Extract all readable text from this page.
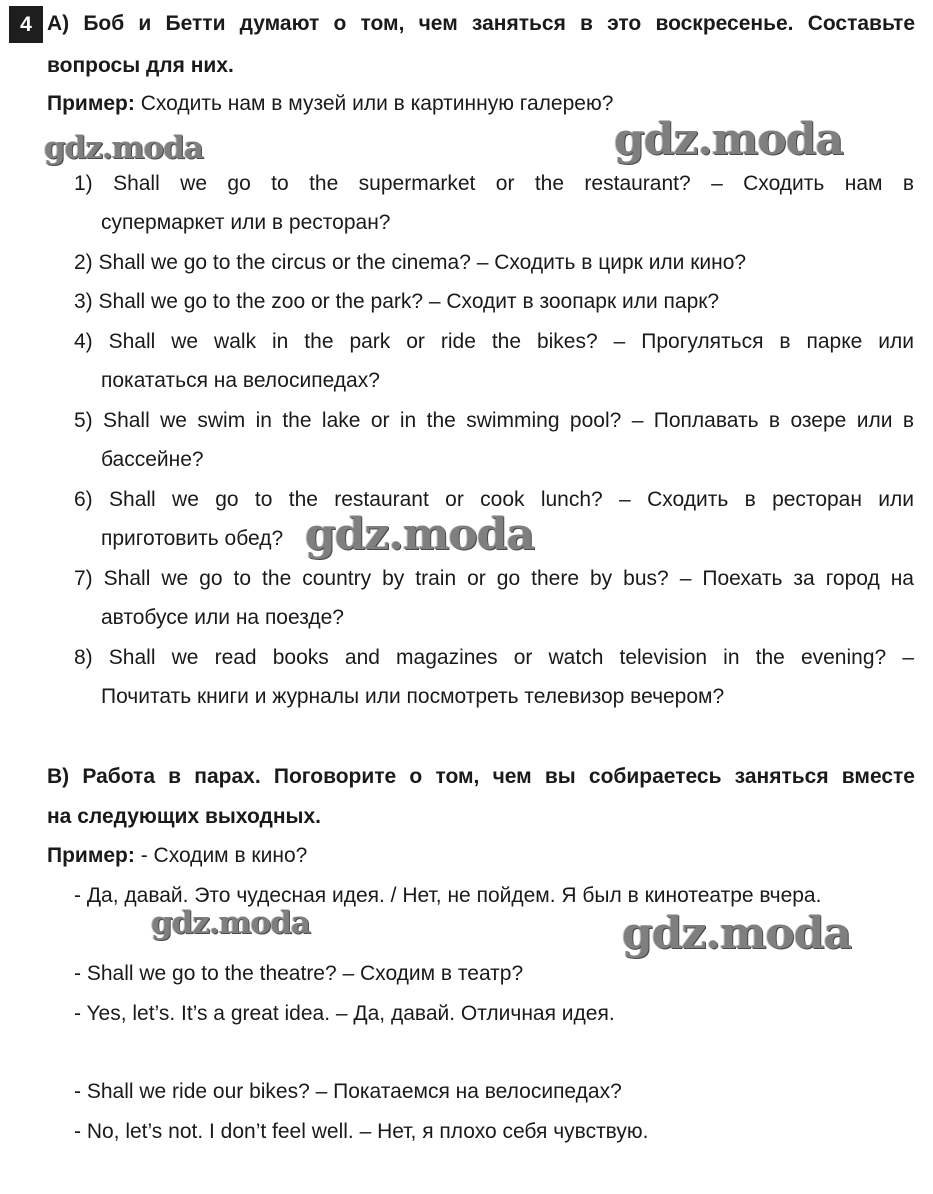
4 А) Боб и Бетти думают о том, чем заняться в это воскресенье. Составьте
вопросы для них.
Пример: Сходить нам в музей или в картинную галерею?
1) Shall we go to the supermarket or the restaurant? – Сходить нам в
супермаркет или в ресторан?
2) Shall we go to the circus or the cinema? – Сходить в цирк или кино?
3) Shall we go to the zoo or the park? – Сходит в зоопарк или парк?
4) Shall we walk in the park or ride the bikes? – Прогуляться в парке или
покататься на велосипедах?
5) Shall we swim in the lake or in the swimming pool? – Поплавать в озере или в
бассейне?
6) Shall we go to the restaurant or cook lunch? – Сходить в ресторан или
приготовить обед?
7) Shall we go to the country by train or go there by bus? – Поехать за город на
автобусе или на поезде?
8) Shall we read books and magazines or watch television in the evening? –
Почитать книги и журналы или посмотреть телевизор вечером?
В) Работа в парах. Поговорите о том, чем вы собираетесь заняться вместе
на следующих выходных.
Пример: - Сходим в кино?
- Да, давай. Это чудесная идея. / Нет, не пойдем. Я был в кинотеатре вчера.
- Shall we go to the theatre? – Сходим в театр?
- Yes, let’s. It’s a great idea. – Да, давай. Отличная идея.
- Shall we ride our bikes? – Покатаемся на велосипедах?
- No, let’s not. I don’t feel well. – Нет, я плохо себя чувствую.
gdz.moda	gdz.moda
gdz.moda
gdz.moda	gdz.moda
